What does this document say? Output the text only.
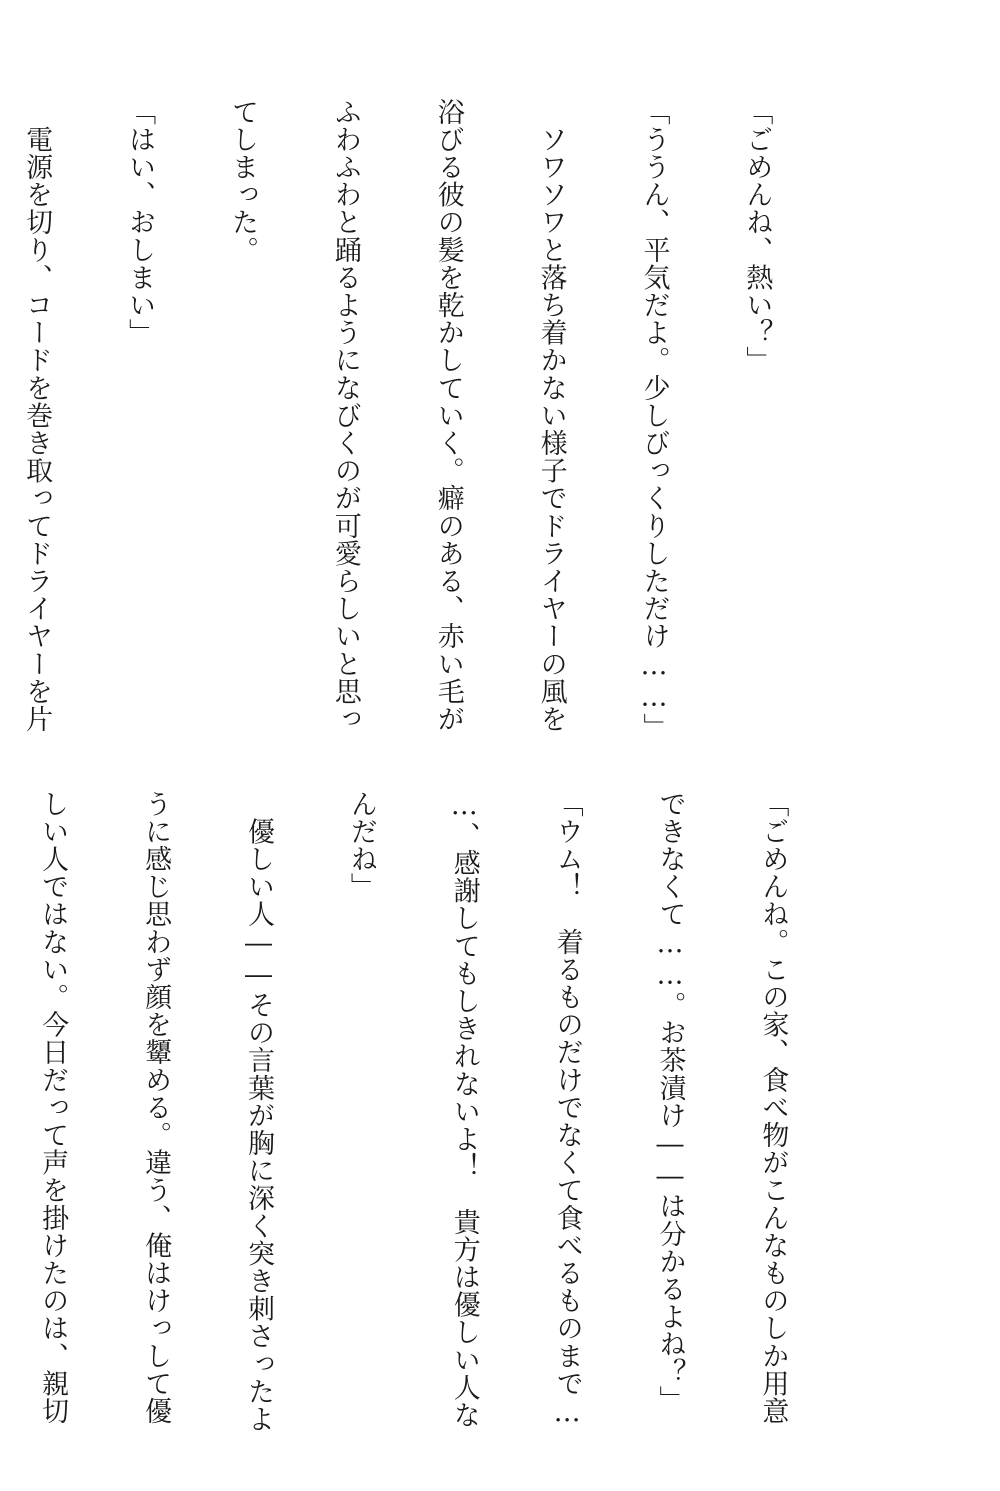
「ごめんね、熱い？」

「ううん、平気だよ。少しびっくりしただけ……」

　ソワソワと落ち着かない様子でドライヤーの風を

浴びる彼の髪を乾かしていく。癖のある、赤い毛が

ふわふわと踊るようになびくのが可愛らしいと思っ

てしまった。

「はい、おしまい」

　電源を切り、コードを巻き取ってドライヤーを片

「ごめんね。この家、食べ物がこんなものしか用意

できなくて……。お茶漬け――は分かるよね？」

「ウム！　着るものだけでなくて食べるものまで…

…、感謝してもしきれないよ！　貴方は優しい人な

んだね」

　優しい人――その言葉が胸に深く突き刺さったよ

うに感じ思わず顔を顰める。違う、俺はけっして優

しい人ではない。今日だって声を掛けたのは、親切
